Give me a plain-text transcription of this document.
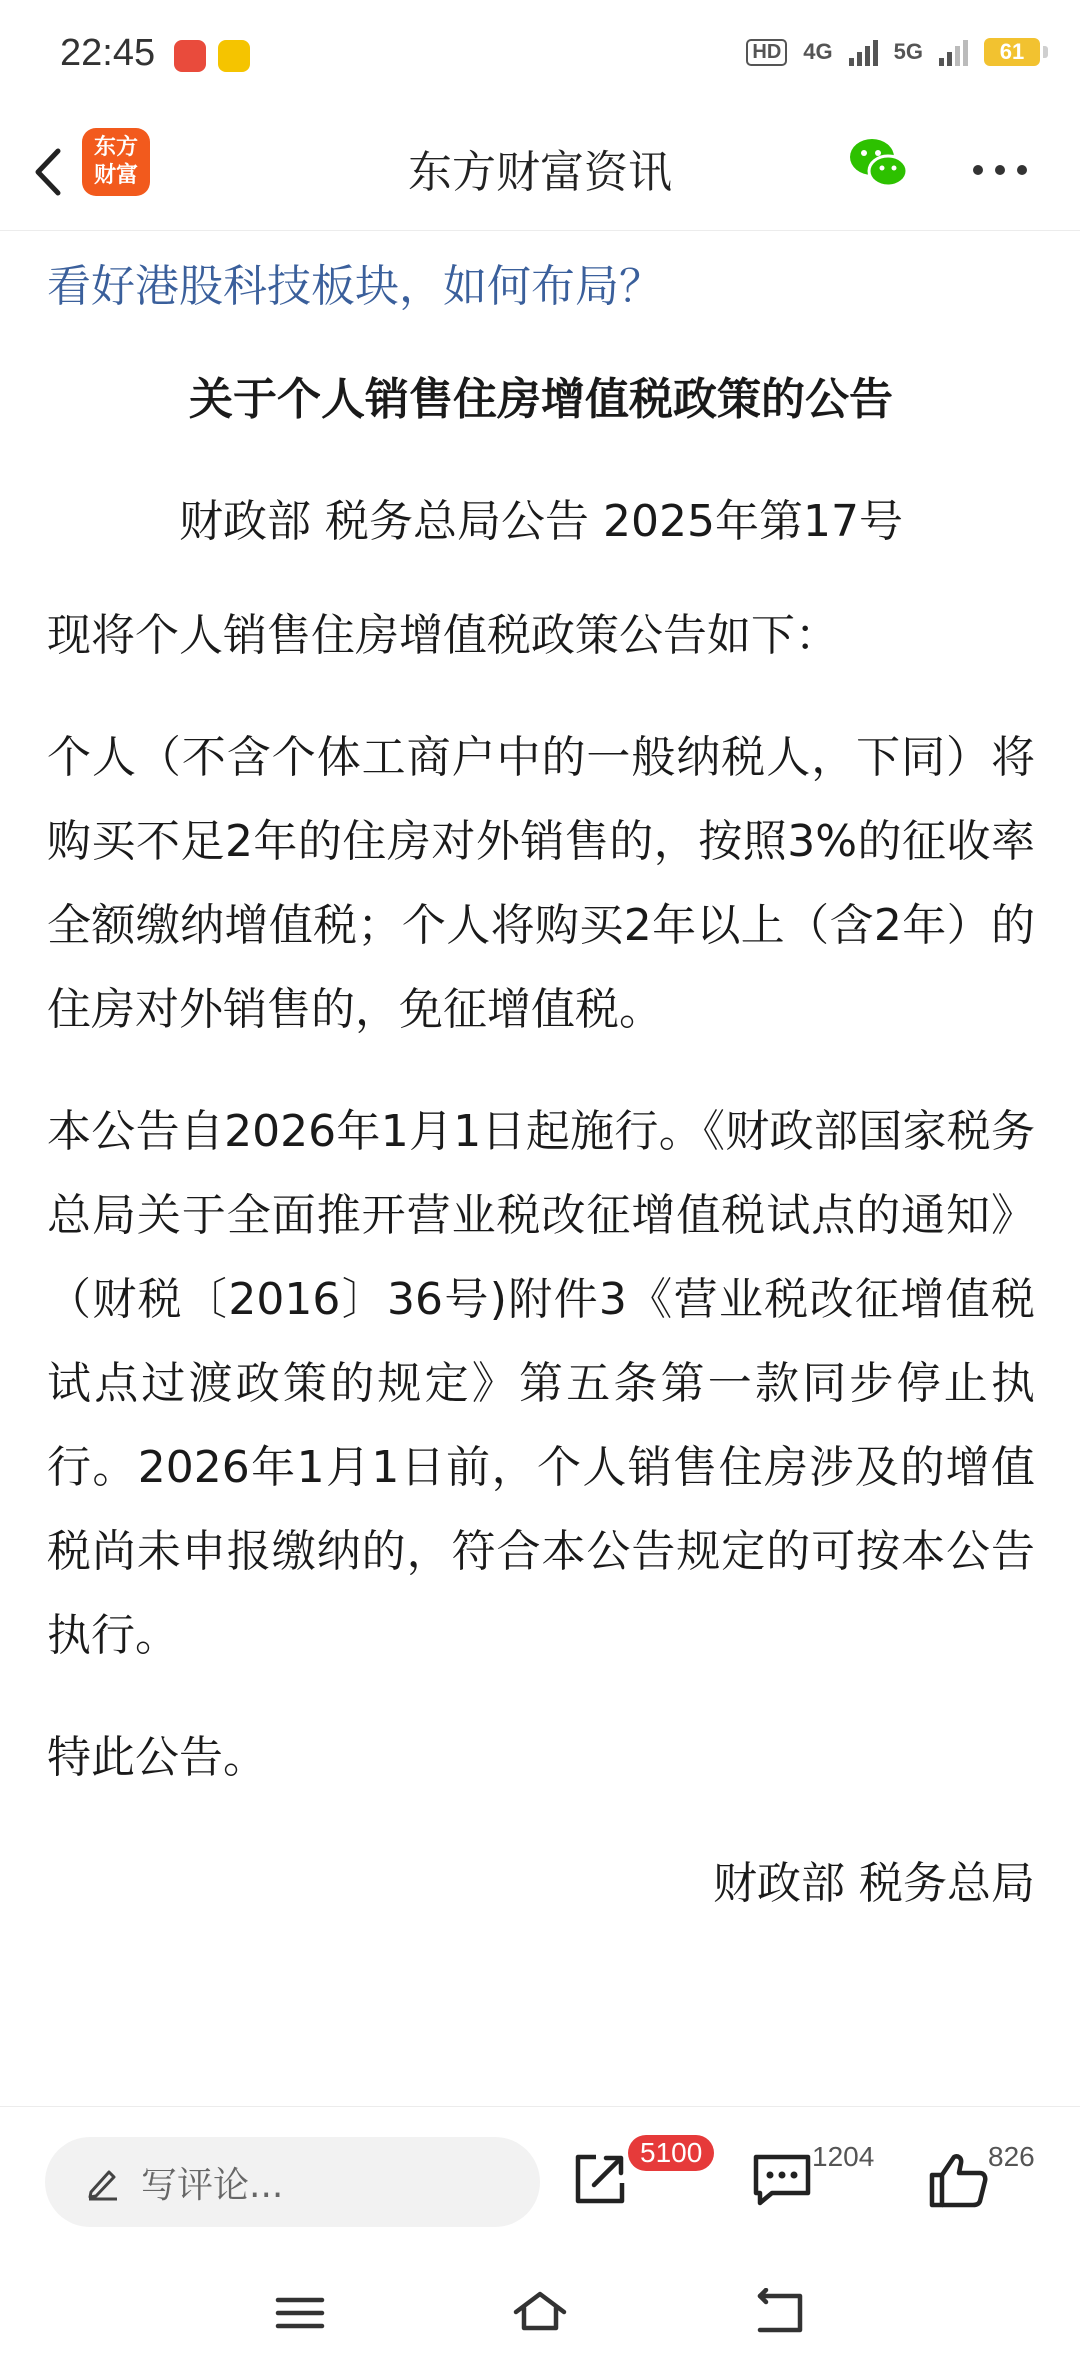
22:45	HD 4G	5G	61
东方财富资讯
东方
财富
看好港股科技板块，如何布局？
关于个人销售住房增值税政策的公告
财政部 税务总局公告 2025年第17号

现将个人销售住房增值税政策公告如下：

个人（不含个体工商户中的一般纳税人，下同）将购买不足2年的住房对外销售的，按照3%的征收率全额缴纳增值税；个人将购买2年以上（含2年）的住房对外销售的，免征增值税。

本公告自2026年1月1日起施行。《财政部国家税务总局关于全面推开营业税改征增值税试点的通知》（财税〔2016〕36号)附件3《营业税改征增值税试点过渡政策的规定》第五条第一款同步停止执行。2026年1月1日前，个人销售住房涉及的增值税尚未申报缴纳的，符合本公告规定的可按本公告执行。

特此公告。

财政部 税务总局
写评论...
5100	1204	826
